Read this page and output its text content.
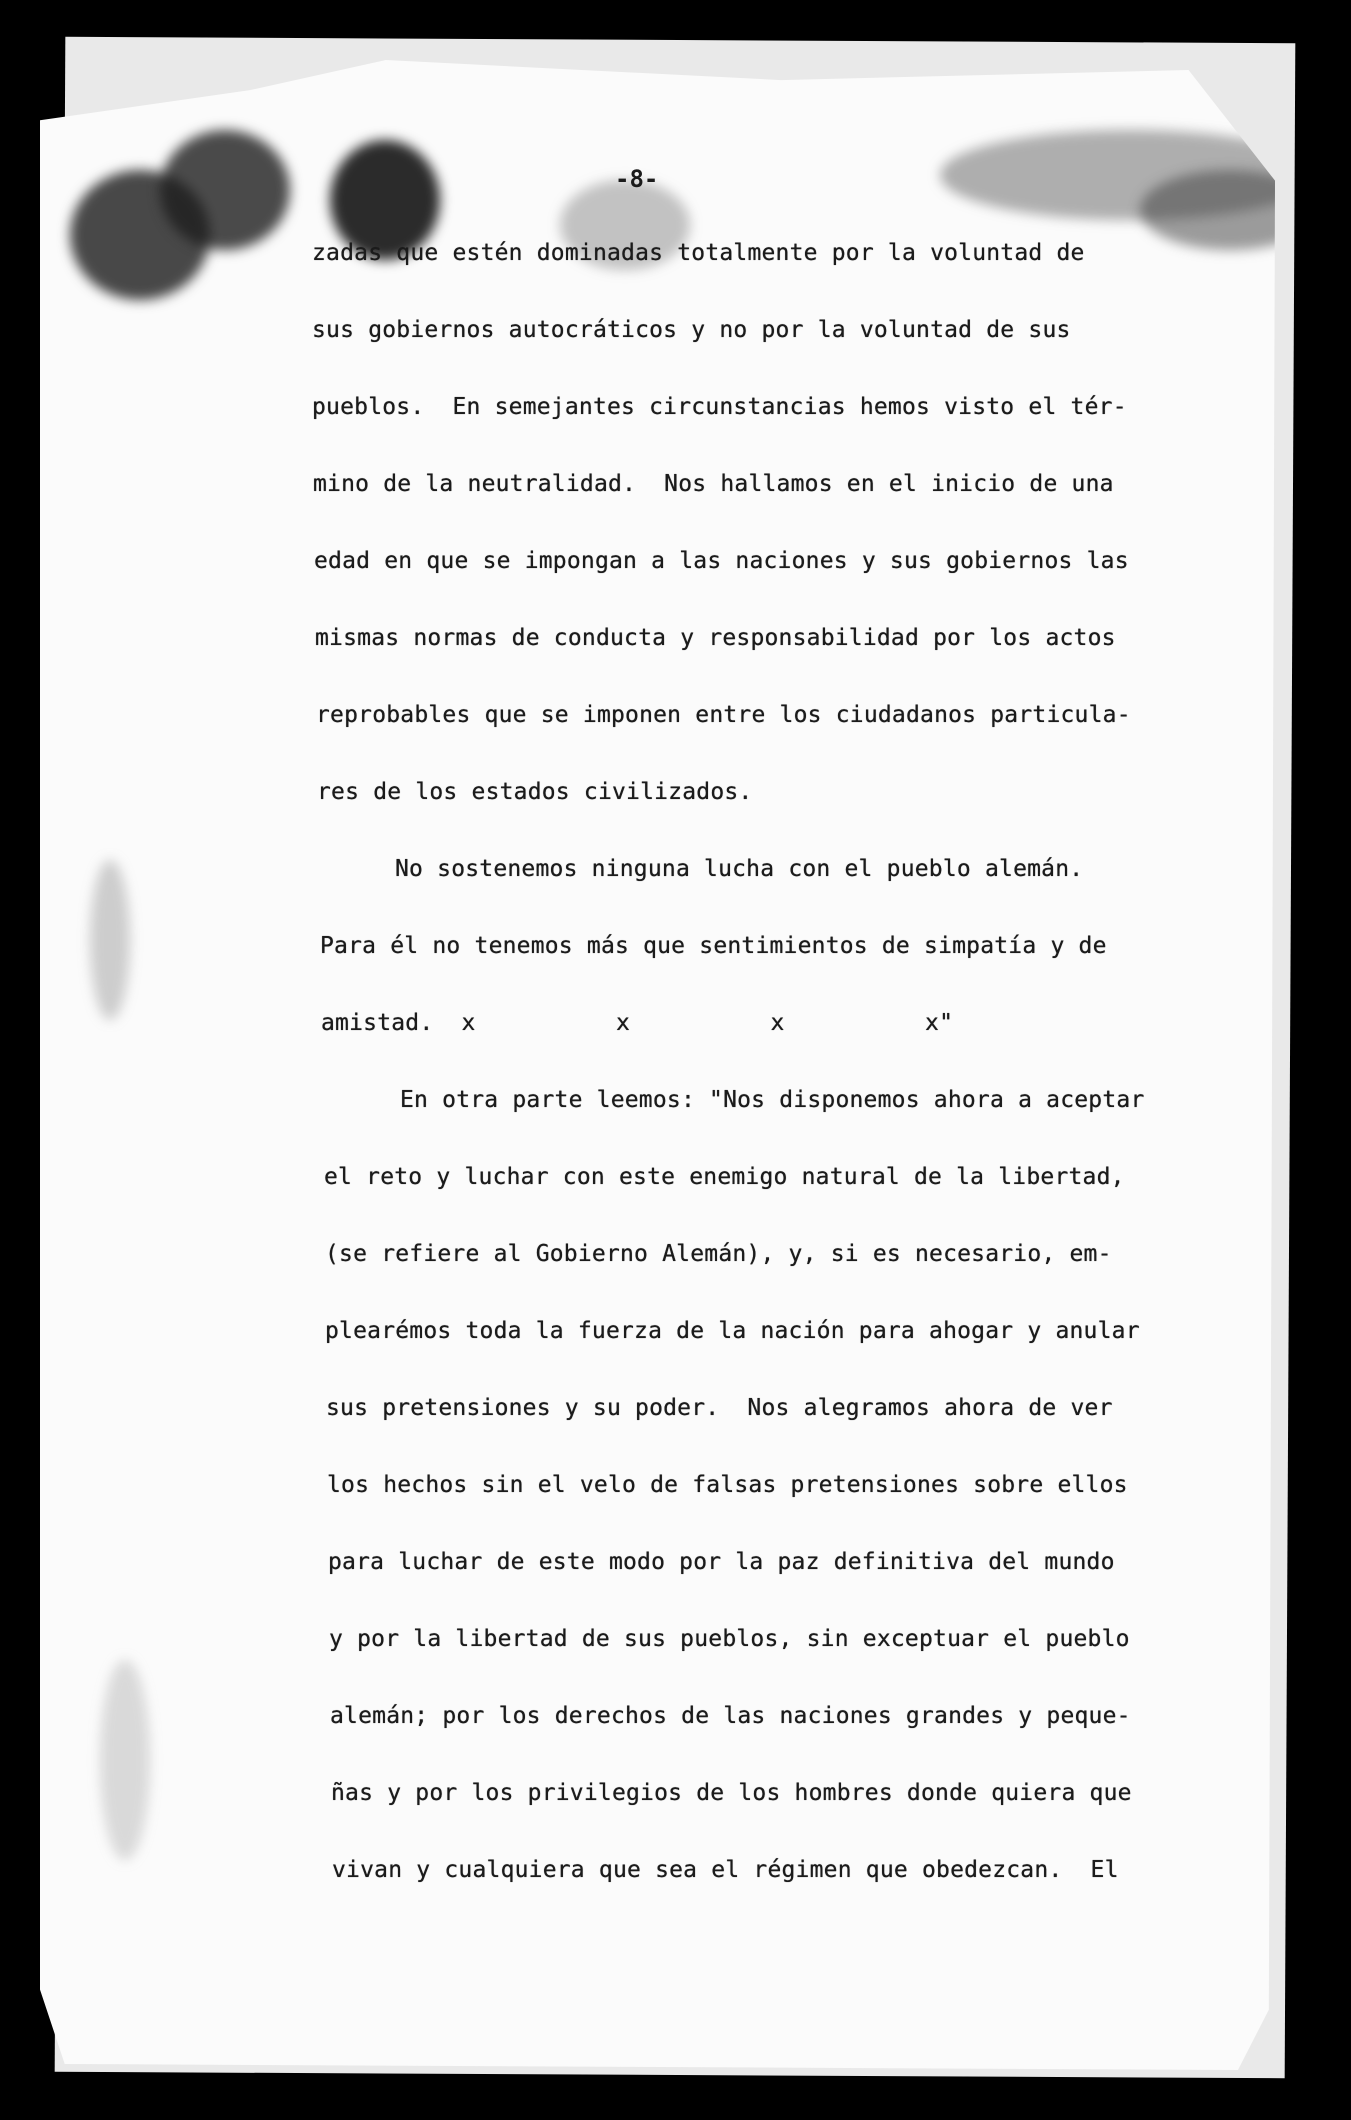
-8-
zadas que estén dominadas totalmente por la voluntad de
sus gobiernos autocráticos y no por la voluntad de sus
pueblos.  En semejantes circunstancias hemos visto el tér-
mino de la neutralidad.  Nos hallamos en el inicio de una
edad en que se impongan a las naciones y sus gobiernos las
mismas normas de conducta y responsabilidad por los actos
reprobables que se imponen entre los ciudadanos particula-
res de los estados civilizados.
No sostenemos ninguna lucha con el pueblo alemán.
Para él no tenemos más que sentimientos de simpatía y de
amistad.  x          x          x          x"
En otra parte leemos: "Nos disponemos ahora a aceptar
el reto y luchar con este enemigo natural de la libertad,
(se refiere al Gobierno Alemán), y, si es necesario, em-
plearémos toda la fuerza de la nación para ahogar y anular
sus pretensiones y su poder.  Nos alegramos ahora de ver
los hechos sin el velo de falsas pretensiones sobre ellos
para luchar de este modo por la paz definitiva del mundo
y por la libertad de sus pueblos, sin exceptuar el pueblo
alemán; por los derechos de las naciones grandes y peque-
ñas y por los privilegios de los hombres donde quiera que
vivan y cualquiera que sea el régimen que obedezcan.  El
